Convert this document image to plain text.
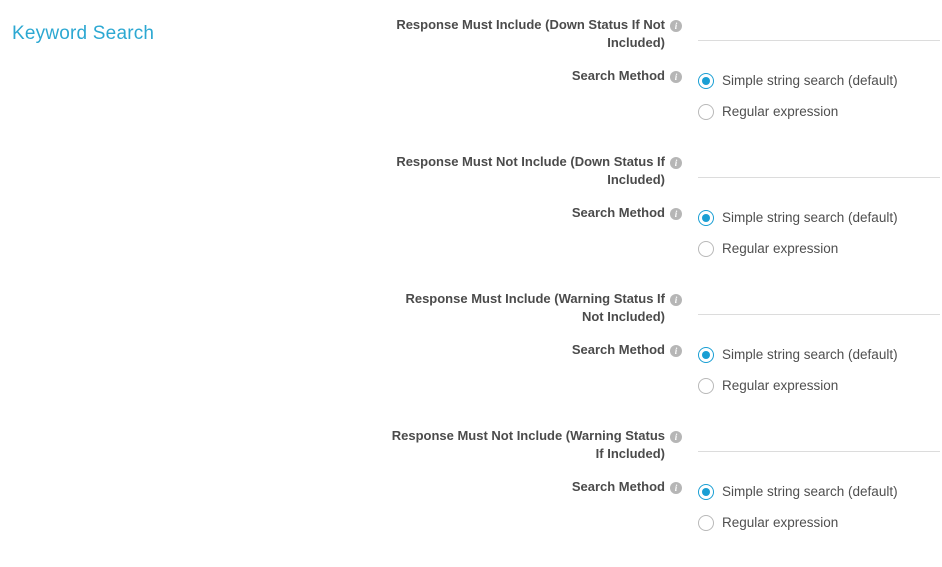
Keyword Search	Response Must Include (Down Status If Not Included)
i
Search Method	i	Simple string search (default)
Regular expression
Response Must Not Include (Down Status If Included)
i
Search Method	i	Simple string search (default)
Regular expression
Response Must Include (Warning Status If Not Included)
i
Search Method	i	Simple string search (default)
Regular expression
Response Must Not Include (Warning Status If Included)
i
Search Method	i	Simple string search (default)
Regular expression
